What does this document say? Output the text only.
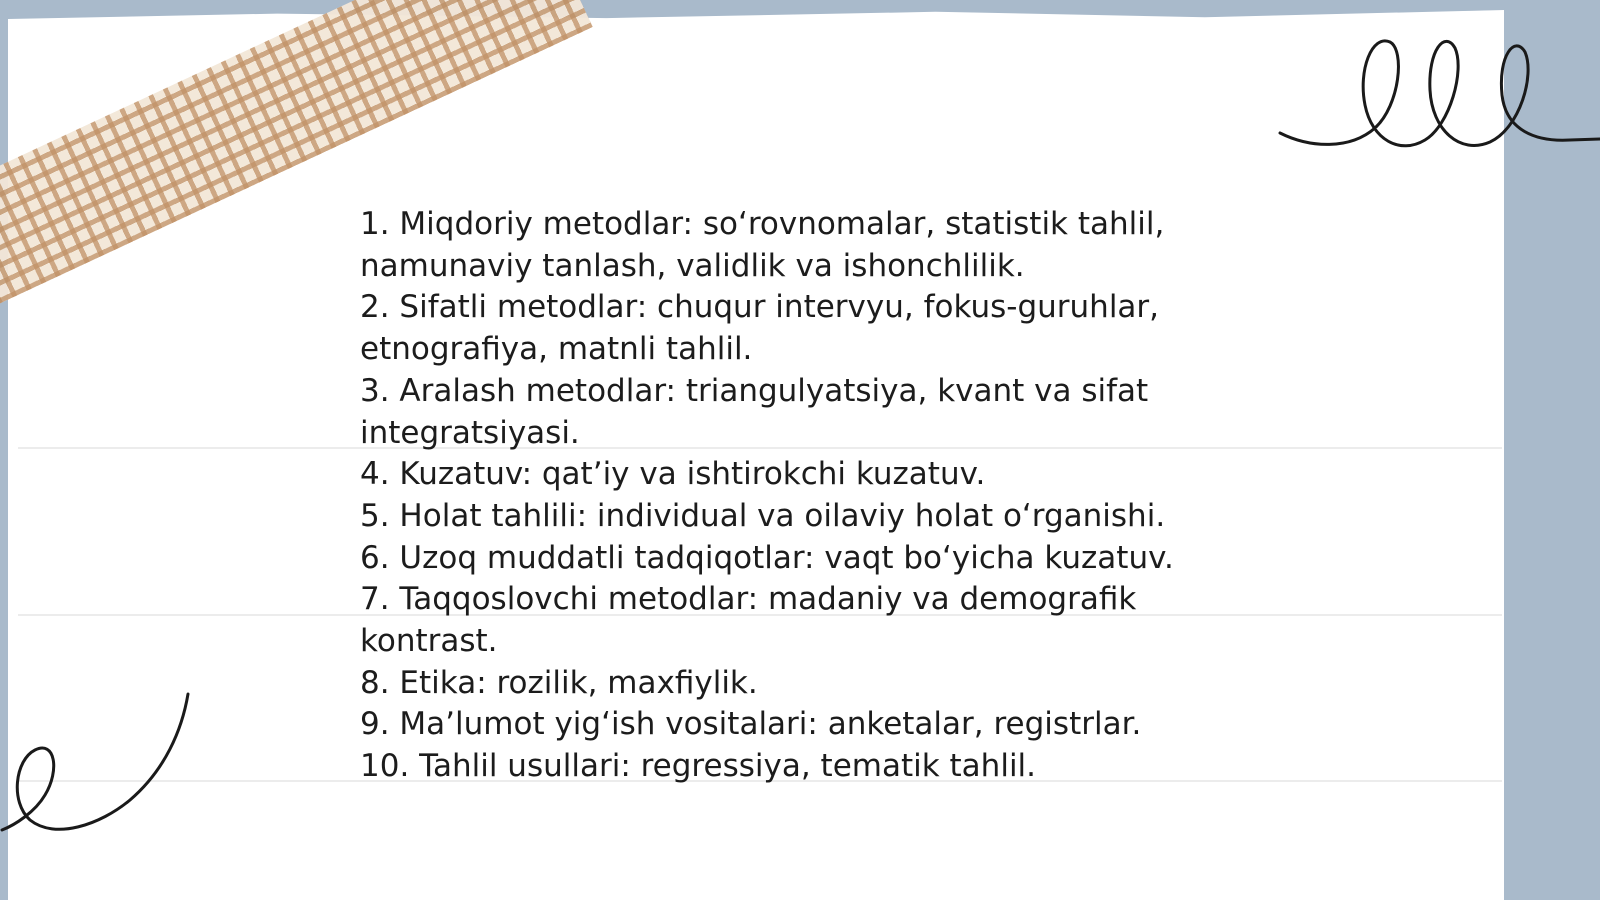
1. Miqdoriy metodlar: so‘rovnomalar, statistik tahlil, namunaviy tanlash, validlik va ishonchlilik.
2. Sifatli metodlar: chuqur intervyu, fokus-guruhlar, etnografiya, matnli tahlil.
3. Aralash metodlar: triangulyatsiya, kvant va sifat integratsiyasi.
4. Kuzatuv: qat’iy va ishtirokchi kuzatuv.
5. Holat tahlili: individual va oilaviy holat o‘rganishi.
6. Uzoq muddatli tadqiqotlar: vaqt bo‘yicha kuzatuv.
7. Taqqoslovchi metodlar: madaniy va demografik kontrast.
8. Etika: rozilik, maxfiylik.
9. Ma’lumot yig‘ish vositalari: anketalar, registrlar.
10. Tahlil usullari: regressiya, tematik tahlil.
